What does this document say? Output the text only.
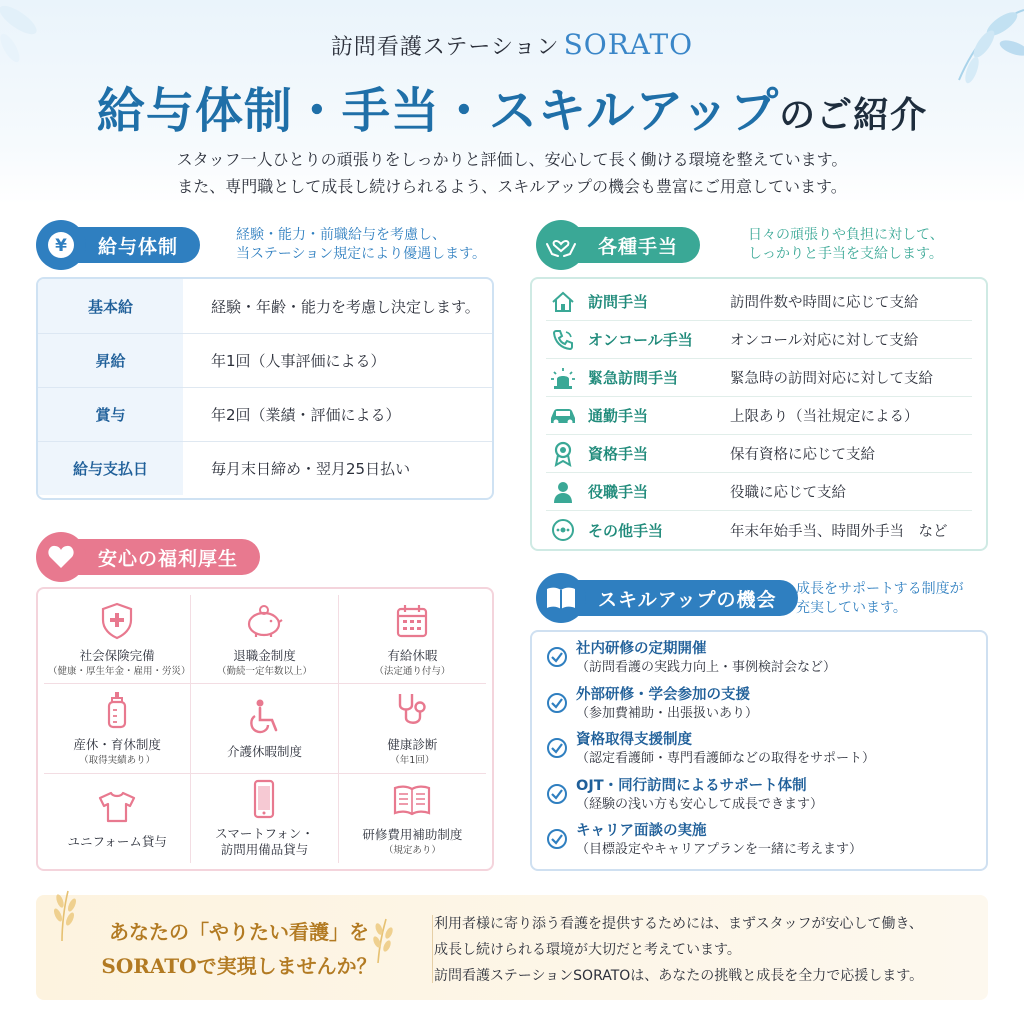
訪問看護ステーション SORATO
給与体制・手当・スキルアップのご紹介
スタッフ一人ひとりの頑張りをしっかりと評価し、安心して長く働ける環境を整えています。
また、専門職として成長し続けられるよう、スキルアップの機会も豊富にご用意しています。
¥	給与体制
経験・能力・前職給与を考慮し、
当ステーション規定により優遇します。
基本給	経験・年齢・能力を考慮し決定します。
昇給	年1回（人事評価による）
賞与	年2回（業績・評価による）
給与支払日	毎月末日締め・翌月25日払い
各種手当
日々の頑張りや負担に対して、
しっかりと手当を支給します。
訪問手当	訪問件数や時間に応じて支給
オンコール手当	オンコール対応に対して支給
緊急訪問手当	緊急時の訪問対応に対して支給
通勤手当	上限あり（当社規定による）
資格手当	保有資格に応じて支給
役職手当	役職に応じて支給
その他手当	年末年始手当、時間外手当　など
安心の福利厚生
社会保険完備
（健康・厚生年金・雇用・労災）
退職金制度
（勤続一定年数以上）
有給休暇
（法定通り付与）
産休・育休制度
（取得実績あり）
介護休暇制度	健康診断
（年1回）
ユニフォーム貸与
スマートフォン・
訪問用備品貸与
研修費用補助制度
（規定あり）
スキルアップの機会	成長をサポートする制度が
充実しています。
社内研修の定期開催
（訪問看護の実践力向上・事例検討会など）
外部研修・学会参加の支援
（参加費補助・出張扱いあり）
資格取得支援制度
（認定看護師・専門看護師などの取得をサポート）
OJT・同行訪問によるサポート体制
（経験の浅い方も安心して成長できます）
キャリア面談の実施
（目標設定やキャリアプランを一緒に考えます）
あなたの「やりたい看護」を
SORATOで実現しませんか？
利用者様に寄り添う看護を提供するためには、まずスタッフが安心して働き、
成長し続けられる環境が大切だと考えています。
訪問看護ステーションSORATOは、あなたの挑戦と成長を全力で応援します。
